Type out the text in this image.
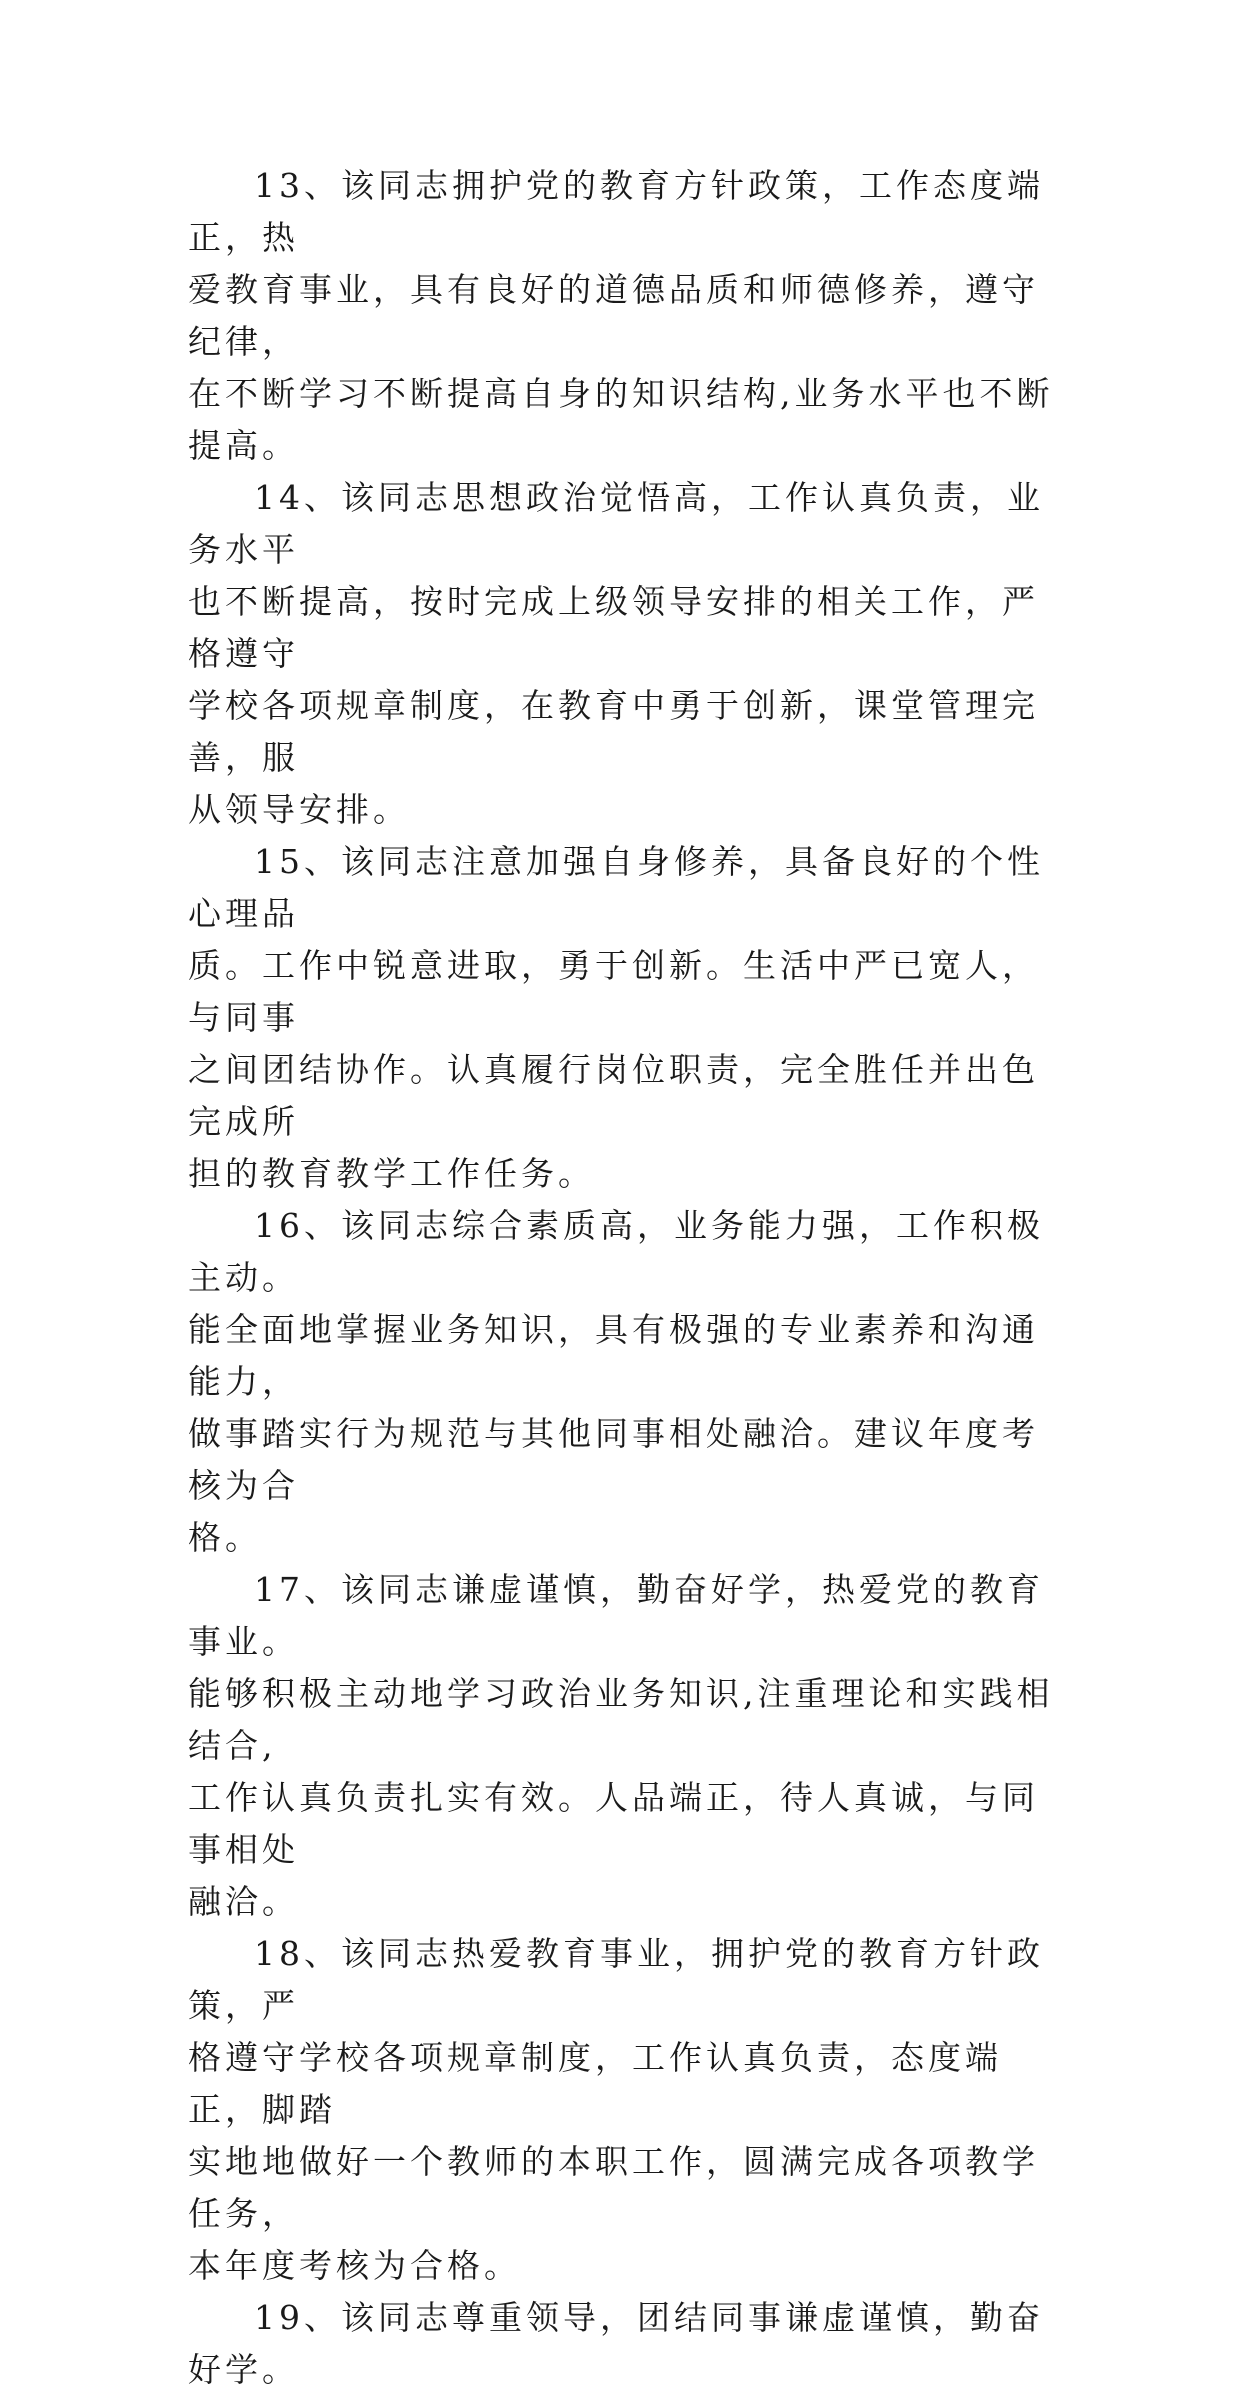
13、该同志拥护党的教育方针政策，工作态度端正，热
爱教育事业，具有良好的道德品质和师德修养，遵守纪律，
在不断学习不断提高自身的知识结构,业务水平也不断提高。

14、该同志思想政治觉悟高，工作认真负责，业务水平
也不断提高，按时完成上级领导安排的相关工作，严格遵守
学校各项规章制度，在教育中勇于创新，课堂管理完善，服
从领导安排。

15、该同志注意加强自身修养，具备良好的个性心理品
质。工作中锐意进取，勇于创新。生活中严已宽人，与同事
之间团结协作。认真履行岗位职责，完全胜任并出色完成所
担的教育教学工作任务。

16、该同志综合素质高，业务能力强，工作积极主动。
能全面地掌握业务知识，具有极强的专业素养和沟通能力，
做事踏实行为规范与其他同事相处融洽。建议年度考核为合
格。

17、该同志谦虚谨慎，勤奋好学，热爱党的教育事业。
能够积极主动地学习政治业务知识,注重理论和实践相结合,
工作认真负责扎实有效。人品端正，待人真诚，与同事相处
融洽。

18、该同志热爱教育事业，拥护党的教育方针政策，严
格遵守学校各项规章制度，工作认真负责，态度端正，脚踏
实地地做好一个教师的本职工作，圆满完成各项教学任务，
本年度考核为合格。

19、该同志尊重领导，团结同事谦虚谨慎，勤奋好学。
